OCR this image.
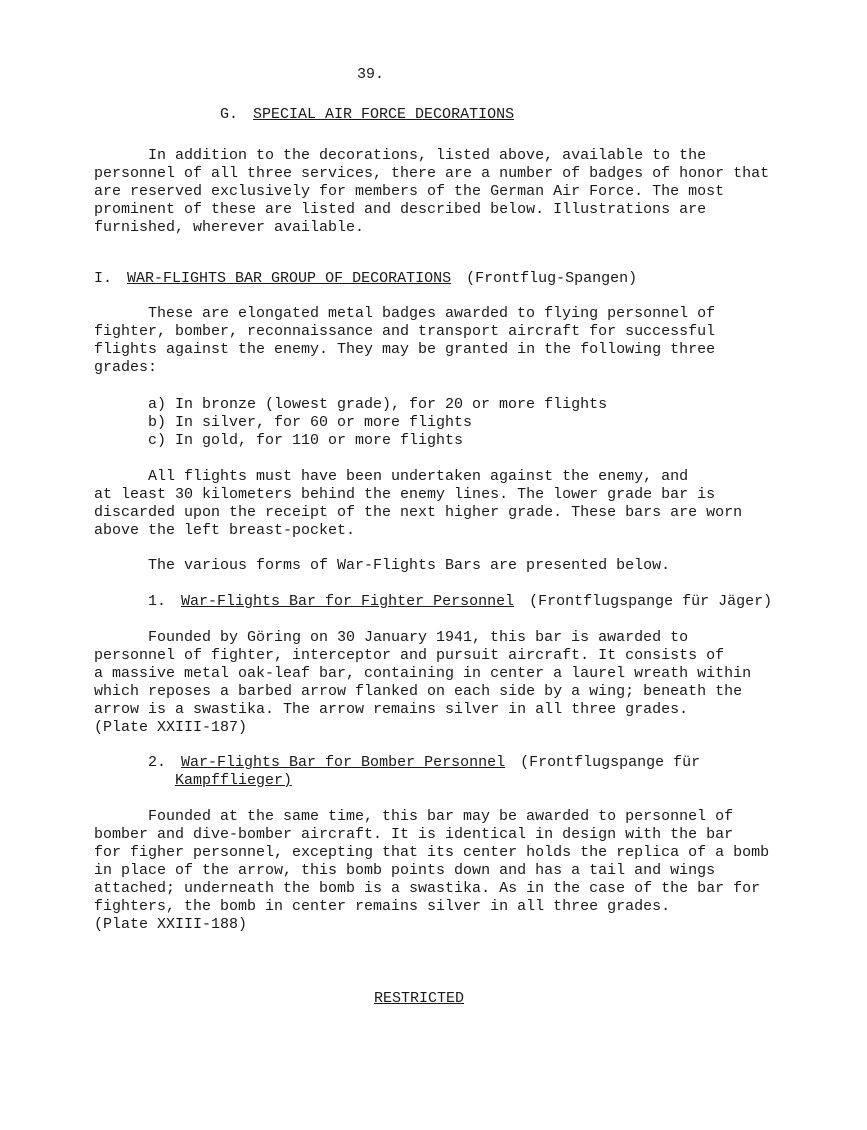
39.
G. SPECIAL AIR FORCE DECORATIONS
In addition to the decorations, listed above, available to the
personnel of all three services, there are a number of badges of honor that
are reserved exclusively for members of the German Air Force. The most
prominent of these are listed and described below. Illustrations are
furnished, wherever available.
I. WAR-FLIGHTS BAR GROUP OF DECORATIONS (Frontflug-Spangen)
These are elongated metal badges awarded to flying personnel of
fighter, bomber, reconnaissance and transport aircraft for successful
flights against the enemy. They may be granted in the following three
grades:
a) In bronze (lowest grade), for 20 or more flights
b) In silver, for 60 or more flights
c) In gold, for 110 or more flights
All flights must have been undertaken against the enemy, and
at least 30 kilometers behind the enemy lines. The lower grade bar is
discarded upon the receipt of the next higher grade. These bars are worn
above the left breast-pocket.
The various forms of War-Flights Bars are presented below.
1. War-Flights Bar for Fighter Personnel (Frontflugspange für Jäger)
Founded by Göring on 30 January 1941, this bar is awarded to
personnel of fighter, interceptor and pursuit aircraft. It consists of
a massive metal oak-leaf bar, containing in center a laurel wreath within
which reposes a barbed arrow flanked on each side by a wing; beneath the
arrow is a swastika. The arrow remains silver in all three grades.
(Plate XXIII-187)
2. War-Flights Bar for Bomber Personnel (Frontflugspange für
Kampfflieger)
Founded at the same time, this bar may be awarded to personnel of
bomber and dive-bomber aircraft. It is identical in design with the bar
for figher personnel, excepting that its center holds the replica of a bomb
in place of the arrow, this bomb points down and has a tail and wings
attached; underneath the bomb is a swastika. As in the case of the bar for
fighters, the bomb in center remains silver in all three grades.
(Plate XXIII-188)
RESTRICTED
